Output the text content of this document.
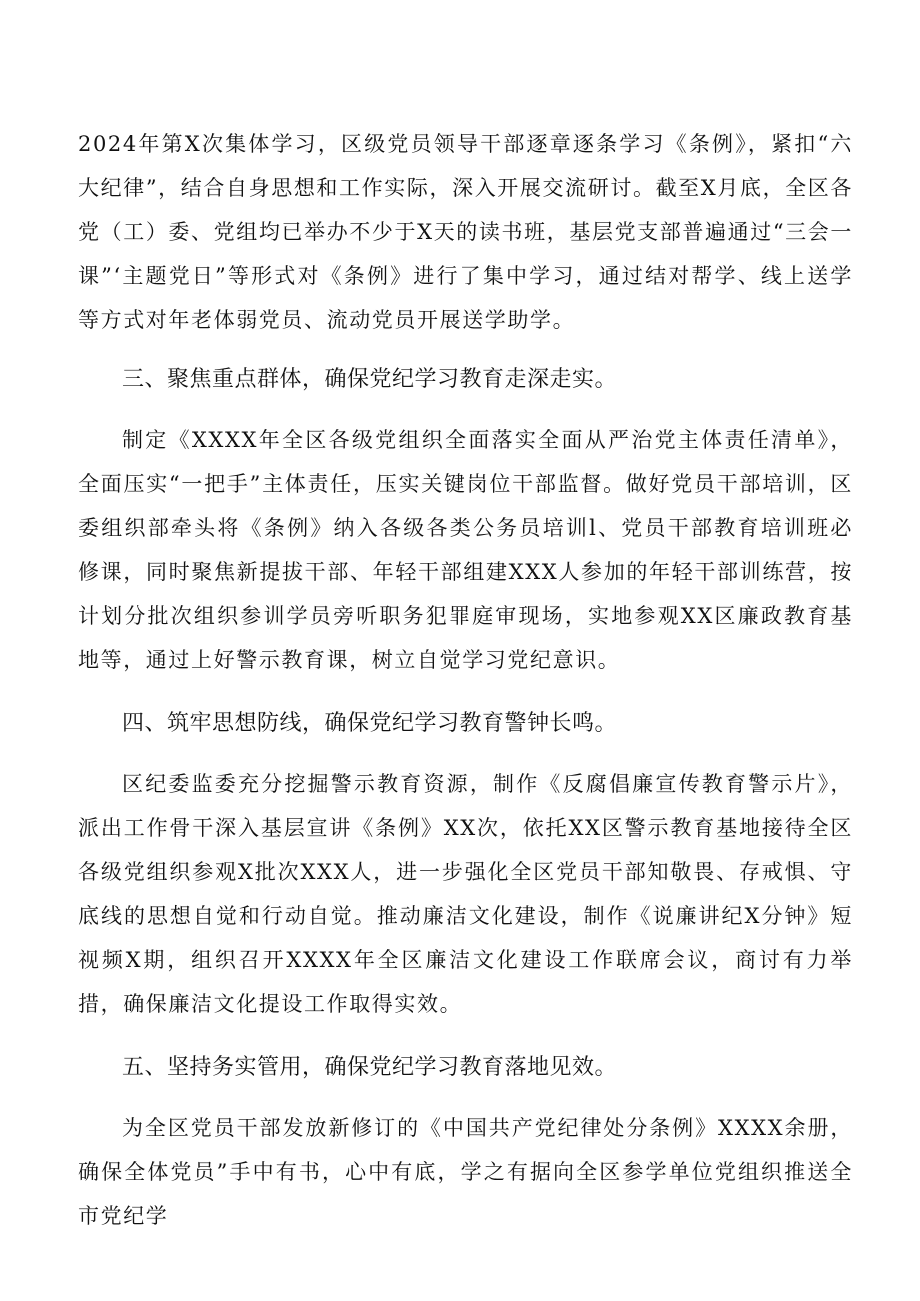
2024年第X次集体学习，区级党员领导干部逐章逐条学习《条例》，紧扣“六大纪律”，结合自身思想和工作实际，深入开展交流研讨。截至X月底，全区各党（工）委、党组均已举办不少于X天的读书班，基层党支部普遍通过“三会一课”‘主题党日”等形式对《条例》进行了集中学习，通过结对帮学、线上送学等方式对年老体弱党员、流动党员开展送学助学。

三、聚焦重点群体，确保党纪学习教育走深走实。

制定《XXXX年全区各级党组织全面落实全面从严治党主体责任清单》，全面压实“一把手”主体责任，压实关键岗位干部监督。做好党员干部培训，区委组织部牵头将《条例》纳入各级各类公务员培训l、党员干部教育培训班必修课，同时聚焦新提拔干部、年轻干部组建XXX人参加的年轻干部训练营，按计划分批次组织参训学员旁听职务犯罪庭审现场，实地参观XX区廉政教育基地等，通过上好警示教育课，树立自觉学习党纪意识。

四、筑牢思想防线，确保党纪学习教育警钟长鸣。

区纪委监委充分挖掘警示教育资源，制作《反腐倡廉宣传教育警示片》，派出工作骨干深入基层宣讲《条例》XX次，依托XX区警示教育基地接待全区各级党组织参观X批次XXX人，进一步强化全区党员干部知敬畏、存戒惧、守底线的思想自觉和行动自觉。推动廉洁文化建设，制作《说廉讲纪X分钟》短视频X期，组织召开XXXX年全区廉洁文化建设工作联席会议，商讨有力举措，确保廉洁文化提设工作取得实效。

五、坚持务实管用，确保党纪学习教育落地见效。

为全区党员干部发放新修订的《中国共产党纪律处分条例》XXXX余册，确保全体党员”手中有书，心中有底，学之有据向全区参学单位党组织推送全市党纪学
